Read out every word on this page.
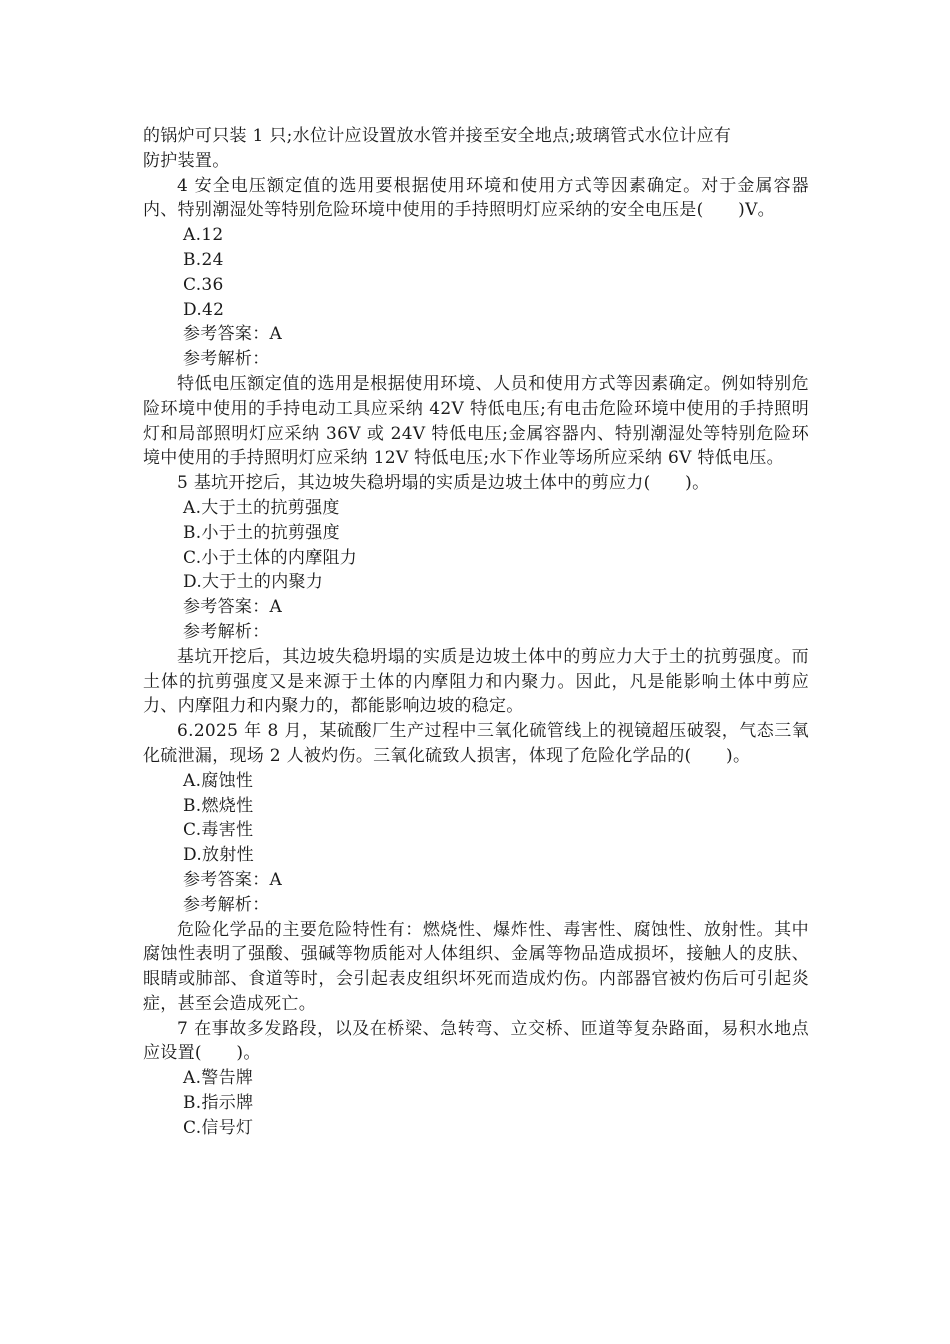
的锅炉可只装 1 只;水位计应设置放水管并接至安全地点;玻璃管式水位计应有

防护装置。

4 安全电压额定值的选用要根据使用环境和使用方式等因素确定。对于金属容器内、特别潮湿处等特别危险环境中使用的手持照明灯应采纳的安全电压是(　　)V。

A.12

B.24

C.36

D.42

参考答案：A

参考解析：

特低电压额定值的选用是根据使用环境、人员和使用方式等因素确定。例如特别危险环境中使用的手持电动工具应采纳 42V 特低电压;有电击危险环境中使用的手持照明灯和局部照明灯应采纳 36V 或 24V 特低电压;金属容器内、特别潮湿处等特别危险环境中使用的手持照明灯应采纳 12V 特低电压;水下作业等场所应采纳 6V 特低电压。

5 基坑开挖后，其边坡失稳坍塌的实质是边坡土体中的剪应力(　　)。

A.大于土的抗剪强度

B.小于土的抗剪强度

C.小于土体的内摩阻力

D.大于土的内聚力

参考答案：A

参考解析：

基坑开挖后，其边坡失稳坍塌的实质是边坡土体中的剪应力大于土的抗剪强度。而土体的抗剪强度又是来源于土体的内摩阻力和内聚力。因此，凡是能影响土体中剪应力、内摩阻力和内聚力的，都能影响边坡的稳定。

6.2025 年 8 月，某硫酸厂生产过程中三氧化硫管线上的视镜超压破裂，气态三氧化硫泄漏，现场 2 人被灼伤。三氧化硫致人损害，体现了危险化学品的(　　)。

A.腐蚀性

B.燃烧性

C.毒害性

D.放射性

参考答案：A

参考解析：

危险化学品的主要危险特性有：燃烧性、爆炸性、毒害性、腐蚀性、放射性。其中腐蚀性表明了强酸、强碱等物质能对人体组织、金属等物品造成损坏，接触人的皮肤、眼睛或肺部、食道等时，会引起表皮组织坏死而造成灼伤。内部器官被灼伤后可引起炎症，甚至会造成死亡。

7 在事故多发路段，以及在桥梁、急转弯、立交桥、匝道等复杂路面，易积水地点应设置(　　)。

A.警告牌

B.指示牌

C.信号灯
